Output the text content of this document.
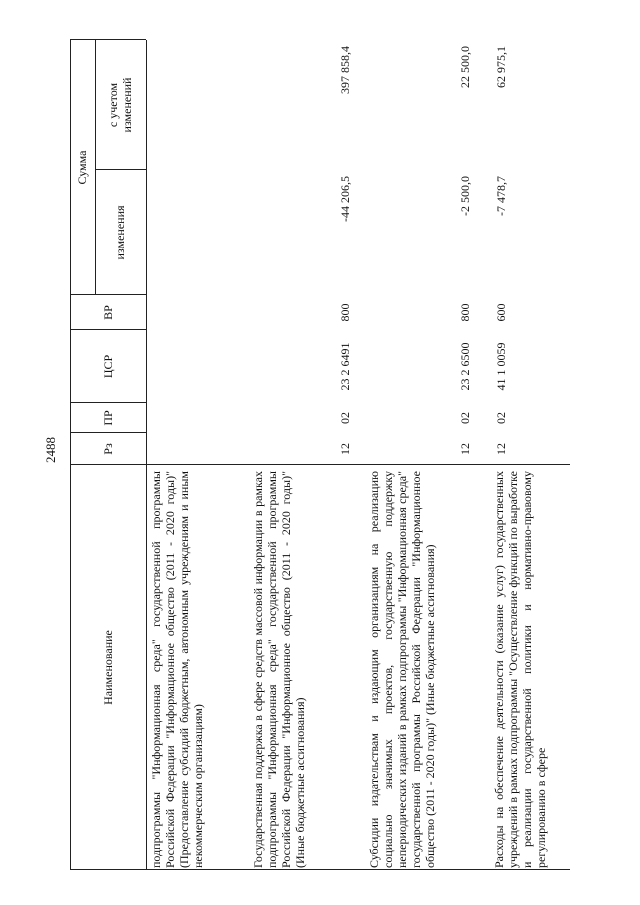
2488
Наименование
Рз
ПР
ЦСР
ВР
Сумма
изменения
с учетом изменений
подпрограммы "Информационная среда" государственной программы Российской Федерации "Информационное общество (2011 - 2020 годы)" (Предоставление субсидий бюджетным, автономным учреждениям и иным некоммерческим организациям)	Государственная поддержка в сфере средств массовой информации в рамках подпрограммы "Информационная среда" государственной программы Российской Федерации "Информационное общество (2011 - 2020 годы)" (Иные бюджетные ассигнования)
12
02
23 2 6491
800
-44 206,5
397 858,4
Субсидии издательствам и издающим организациям на реализацию социально значимых проектов, государственную поддержку непериодических изданий в рамках подпрограммы "Информационная среда" государственной программы Российской Федерации "Информационное общество (2011 - 2020 годы)" (Иные бюджетные ассигнования)
12
02
23 2 6500
800
-2 500,0
22 500,0
Расходы на обеспечение деятельности (оказание услуг) государственных учреждений в рамках подпрограммы "Осуществление функций по выработке и реализации государственной политики и нормативно-правовому регулированию в сфере
12
02
41 1 0059
600
-7 478,7
62 975,1
